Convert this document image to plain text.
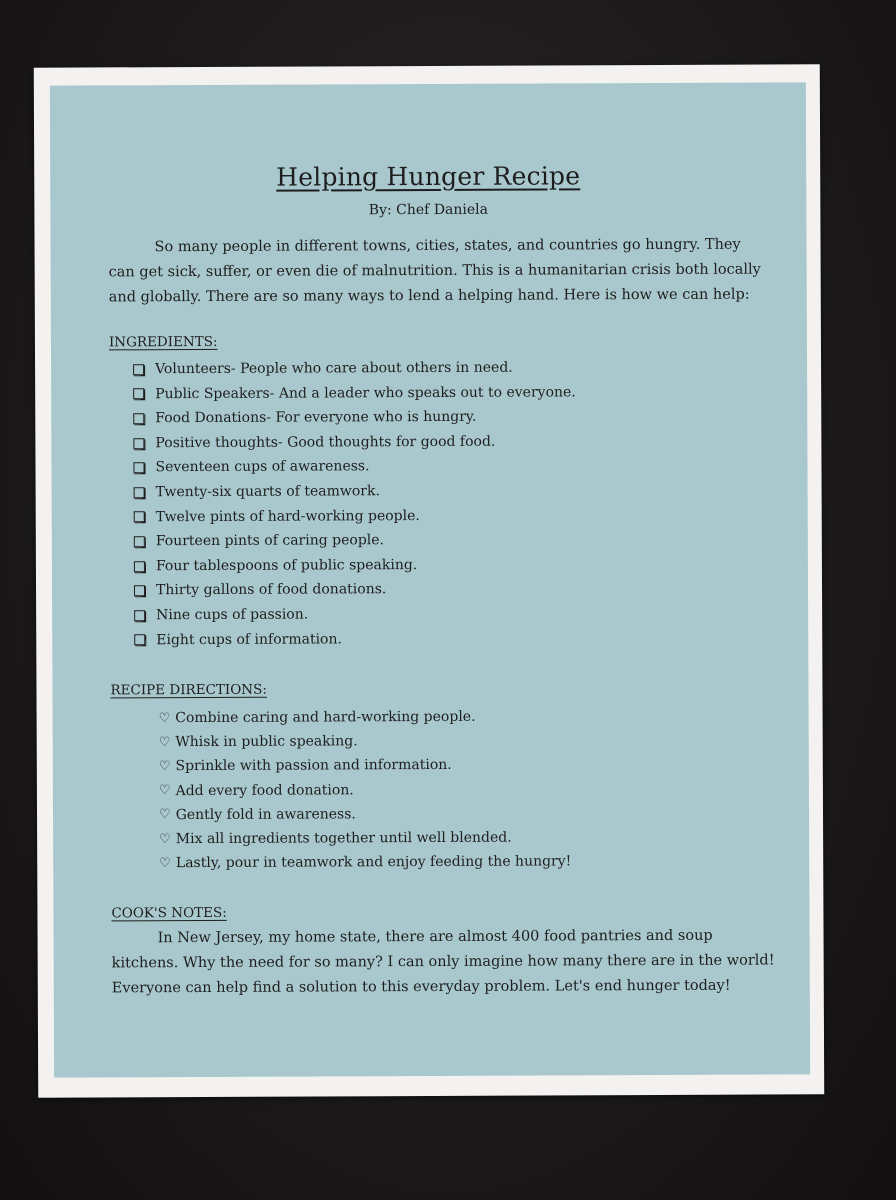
Helping Hunger Recipe
By: Chef Daniela

So many people in different towns, cities, states, and countries go hungry. They can get sick, suffer, or even die of malnutrition. This is a humanitarian crisis both locally and globally. There are so many ways to lend a helping hand. Here is how we can help:

INGREDIENTS:
Volunteers- People who care about others in need.
Public Speakers- And a leader who speaks out to everyone.
Food Donations- For everyone who is hungry.
Positive thoughts- Good thoughts for good food.
Seventeen cups of awareness.
Twenty-six quarts of teamwork.
Twelve pints of hard-working people.
Fourteen pints of caring people.
Four tablespoons of public speaking.
Thirty gallons of food donations.
Nine cups of passion.
Eight cups of information.
RECIPE DIRECTIONS:
♡ Combine caring and hard-working people.
♡ Whisk in public speaking.
♡ Sprinkle with passion and information.
♡ Add every food donation.
♡ Gently fold in awareness.
♡ Mix all ingredients together until well blended.
♡ Lastly, pour in teamwork and enjoy feeding the hungry!
COOK'S NOTES:

In New Jersey, my home state, there are almost 400 food pantries and soup kitchens. Why the need for so many? I can only imagine how many there are in the world! Everyone can help find a solution to this everyday problem. Let's end hunger today!
